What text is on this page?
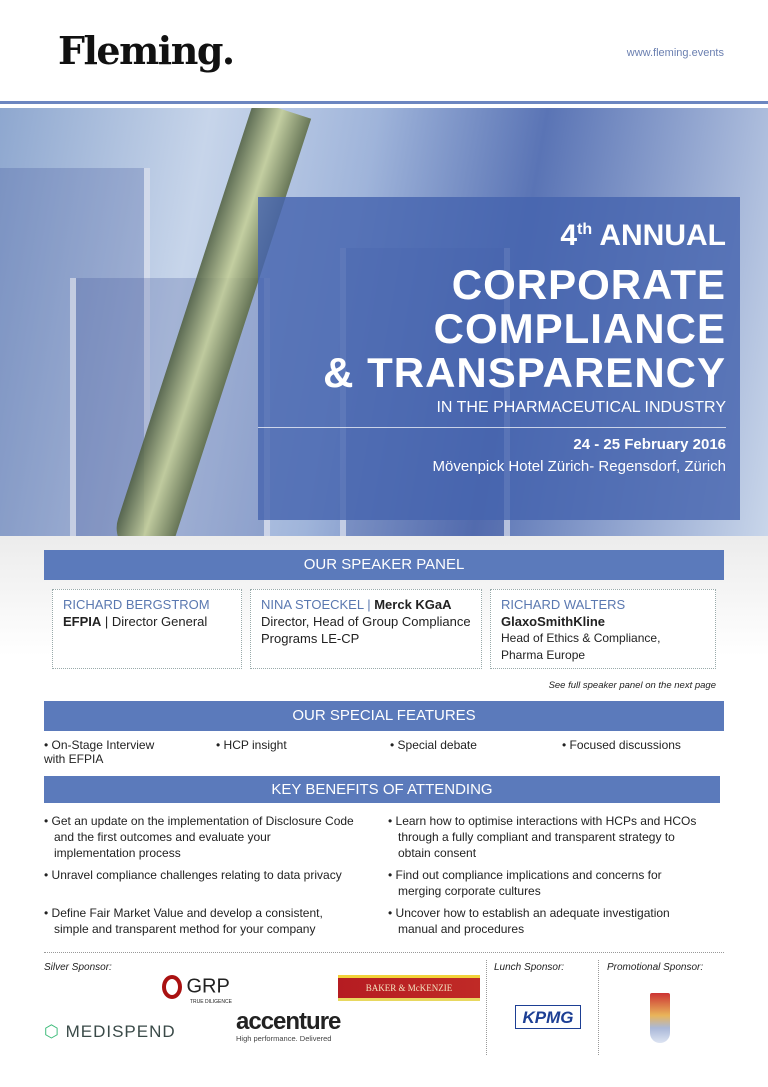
Fleming.	www.fleming.events
4th ANNUAL
CORPORATE
COMPLIANCE
& TRANSPARENCY
IN THE PHARMACEUTICAL INDUSTRY
24 - 25 February 2016
Mövenpick Hotel Zürich- Regensdorf, Zürich
OUR SPEAKER PANEL
RICHARD BERGSTROM
EFPIA | Director General
NINA STOECKEL | Merck KGaA
Director, Head of Group Compliance Programs LE-CP
RICHARD WALTERS
GlaxoSmithKline
Head of Ethics & Compliance, Pharma Europe
See full speaker panel on the next page
OUR SPECIAL FEATURES
• On-Stage Interview with EFPIA
• HCP insight	• Special debate	• Focused discussions
KEY BENEFITS OF ATTENDING
• Get an update on the implementation of Disclosure Code and the first outcomes and evaluate your implementation process
• Unravel compliance challenges relating to data privacy
• Define Fair Market Value and develop a consistent, simple and transparent method for your company
• Learn how to optimise interactions with HCPs and HCOs through a fully compliant and transparent strategy to obtain consent
• Find out compliance implications and concerns for merging corporate cultures
• Uncover how to establish an adequate investigation manual and procedures
Silver Sponsor:	Lunch Sponsor:	Promotional Sponsor:
GRP
TRUE DILIGENCE
BAKER & McKENZIE
⬡ MEDISPEND	accenture
High performance. Delivered
KPMG
